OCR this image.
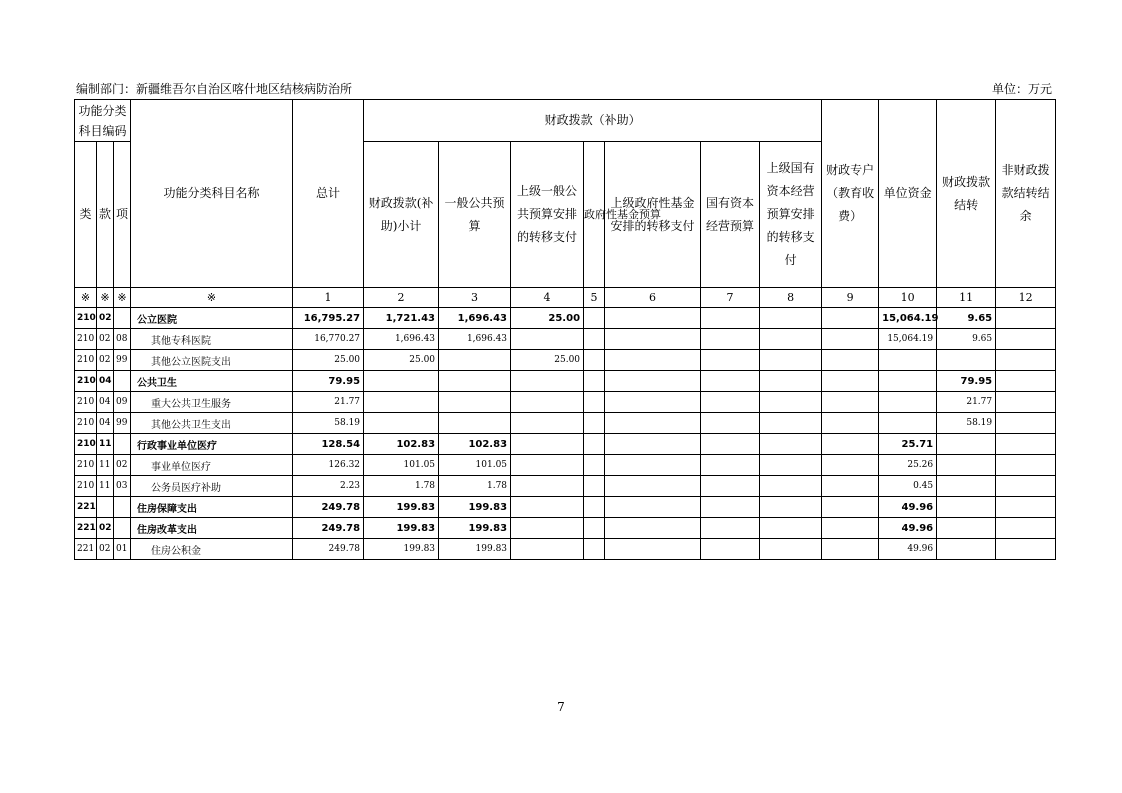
编制部门：新疆维吾尔自治区喀什地区结核病防治所	单位：万元
功能分类科目编码			功能分类科目名称	总计	财政拨款（补助）							财政专户（教育收费）	单位资金	财政拨款结转	非财政拨款结转结余
类	款	项			财政拨款(补助)小计	一般公共预算	上级一般公共预算安排的转移支付	政府性基金预算	上级政府性基金安排的转移支付	国有资本经营预算	上级国有资本经营预算安排的转移支付				
※	※	※	※	1	2	3	4	5	6	7	8	9	10	11	12
210	02		公立医院	16,795.27	1,721.43	1,696.43	25.00						15,064.19	9.65	
210	02	08	其他专科医院	16,770.27	1,696.43	1,696.43							15,064.19	9.65	
210	02	99	其他公立医院支出	25.00	25.00		25.00								
210	04		公共卫生	79.95										79.95	
210	04	09	重大公共卫生服务	21.77										21.77	
210	04	99	其他公共卫生支出	58.19										58.19	
210	11		行政事业单位医疗	128.54	102.83	102.83							25.71		
210	11	02	事业单位医疗	126.32	101.05	101.05							25.26		
210	11	03	公务员医疗补助	2.23	1.78	1.78							0.45		
221			住房保障支出	249.78	199.83	199.83							49.96		
221	02		住房改革支出	249.78	199.83	199.83							49.96		
221	02	01	住房公积金	249.78	199.83	199.83							49.96		
7
